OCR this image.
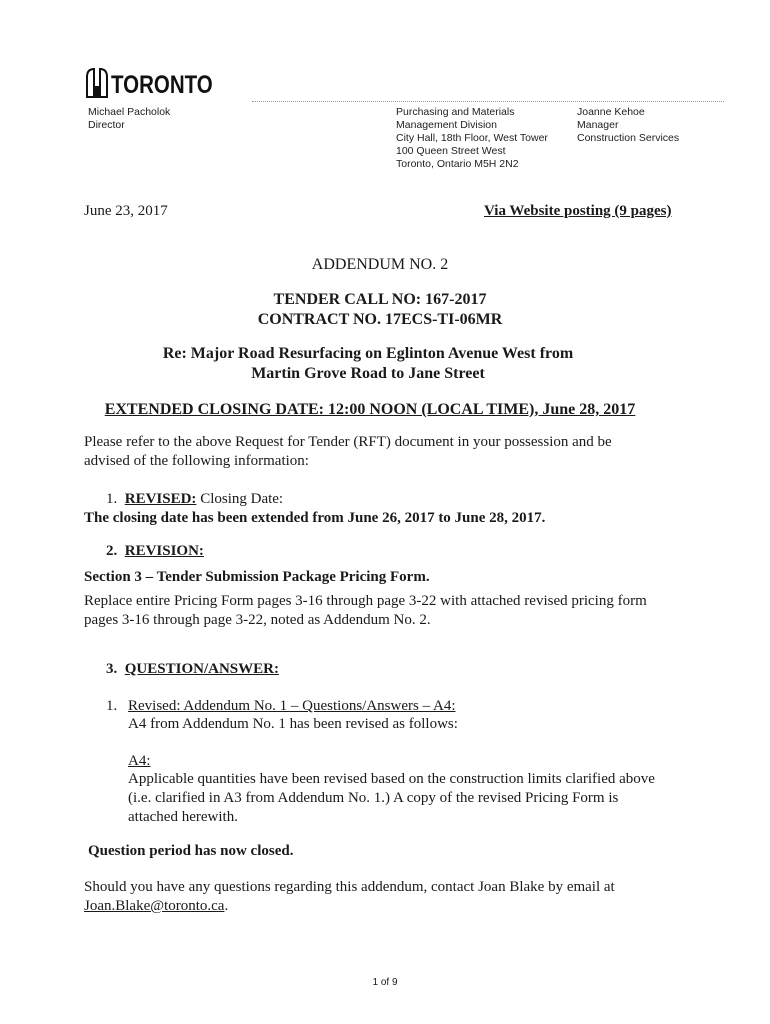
TORONTO
Michael Pacholok
Director
Purchasing and Materials
Management Division
City Hall, 18th Floor, West Tower
100 Queen Street West
Toronto, Ontario M5H 2N2
Joanne Kehoe
Manager
Construction Services
June 23, 2017	Via Website posting (9 pages)
ADDENDUM NO. 2
TENDER CALL NO: 167-2017
CONTRACT NO. 17ECS-TI-06MR
Re: Major Road Resurfacing on Eglinton Avenue West from
Martin Grove Road to Jane Street
EXTENDED CLOSING DATE: 12:00 NOON (LOCAL TIME), June 28, 2017
Please refer to the above Request for Tender (RFT) document in your possession and be
advised of the following information:
1. REVISED: Closing Date:
The closing date has been extended from June 26, 2017 to June 28, 2017.
2. REVISION:
Section 3 – Tender Submission Package Pricing Form.
Replace entire Pricing Form pages 3-16 through page 3-22 with attached revised pricing form
pages 3-16 through page 3-22, noted as Addendum No. 2.
3. QUESTION/ANSWER:
1. Revised: Addendum No. 1 – Questions/Answers – A4:
A4 from Addendum No. 1 has been revised as follows:
A4:
Applicable quantities have been revised based on the construction limits clarified above
(i.e. clarified in A3 from Addendum No. 1.) A copy of the revised Pricing Form is
attached herewith.
Question period has now closed.
Should you have any questions regarding this addendum, contact Joan Blake by email at
Joan.Blake@toronto.ca.
1 of 9
